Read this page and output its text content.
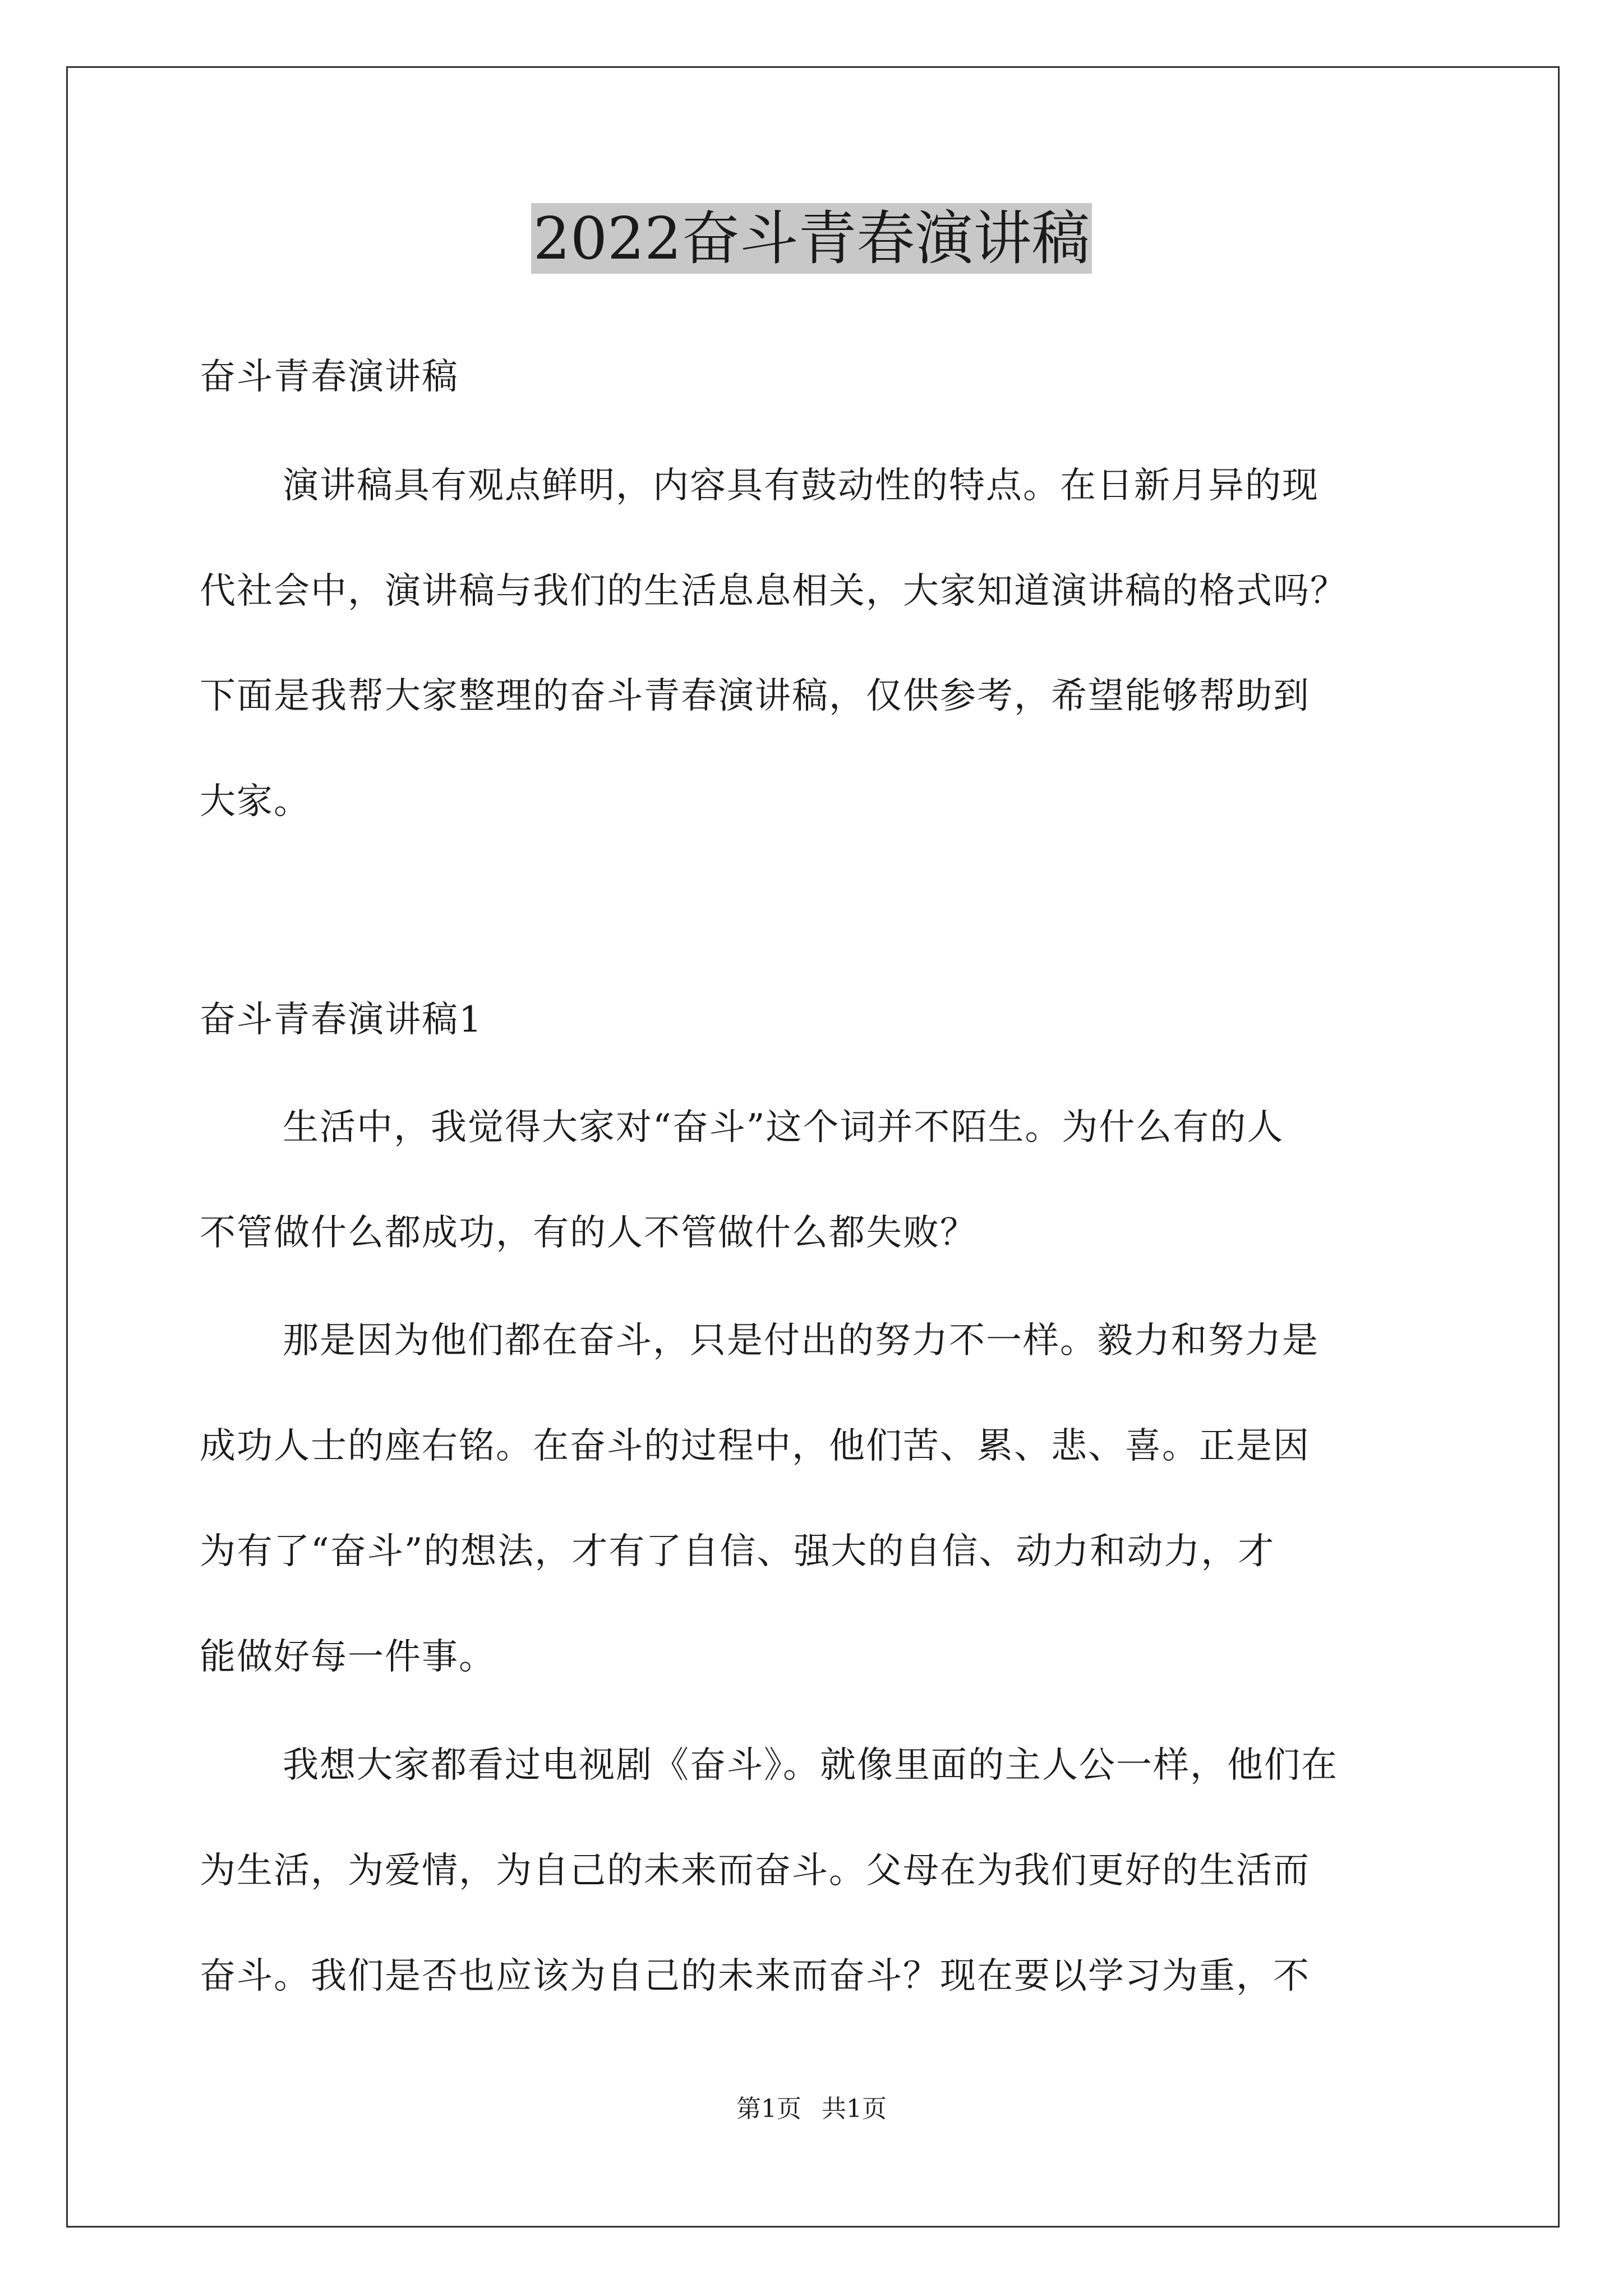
2022奋斗青春演讲稿
奋斗青春演讲稿
演讲稿具有观点鲜明，内容具有鼓动性的特点。在日新月异的现
代社会中，演讲稿与我们的生活息息相关，大家知道演讲稿的格式吗？
下面是我帮大家整理的奋斗青春演讲稿，仅供参考，希望能够帮助到
大家。
奋斗青春演讲稿1
生活中，我觉得大家对“奋斗”这个词并不陌生。为什么有的人
不管做什么都成功，有的人不管做什么都失败？
那是因为他们都在奋斗，只是付出的努力不一样。毅力和努力是
成功人士的座右铭。在奋斗的过程中，他们苦、累、悲、喜。正是因
为有了“奋斗”的想法，才有了自信、强大的自信、动力和动力，才
能做好每一件事。
我想大家都看过电视剧《奋斗》。就像里面的主人公一样，他们在
为生活，为爱情，为自己的未来而奋斗。父母在为我们更好的生活而
奋斗。我们是否也应该为自己的未来而奋斗？现在要以学习为重，不
第1页 共1页
